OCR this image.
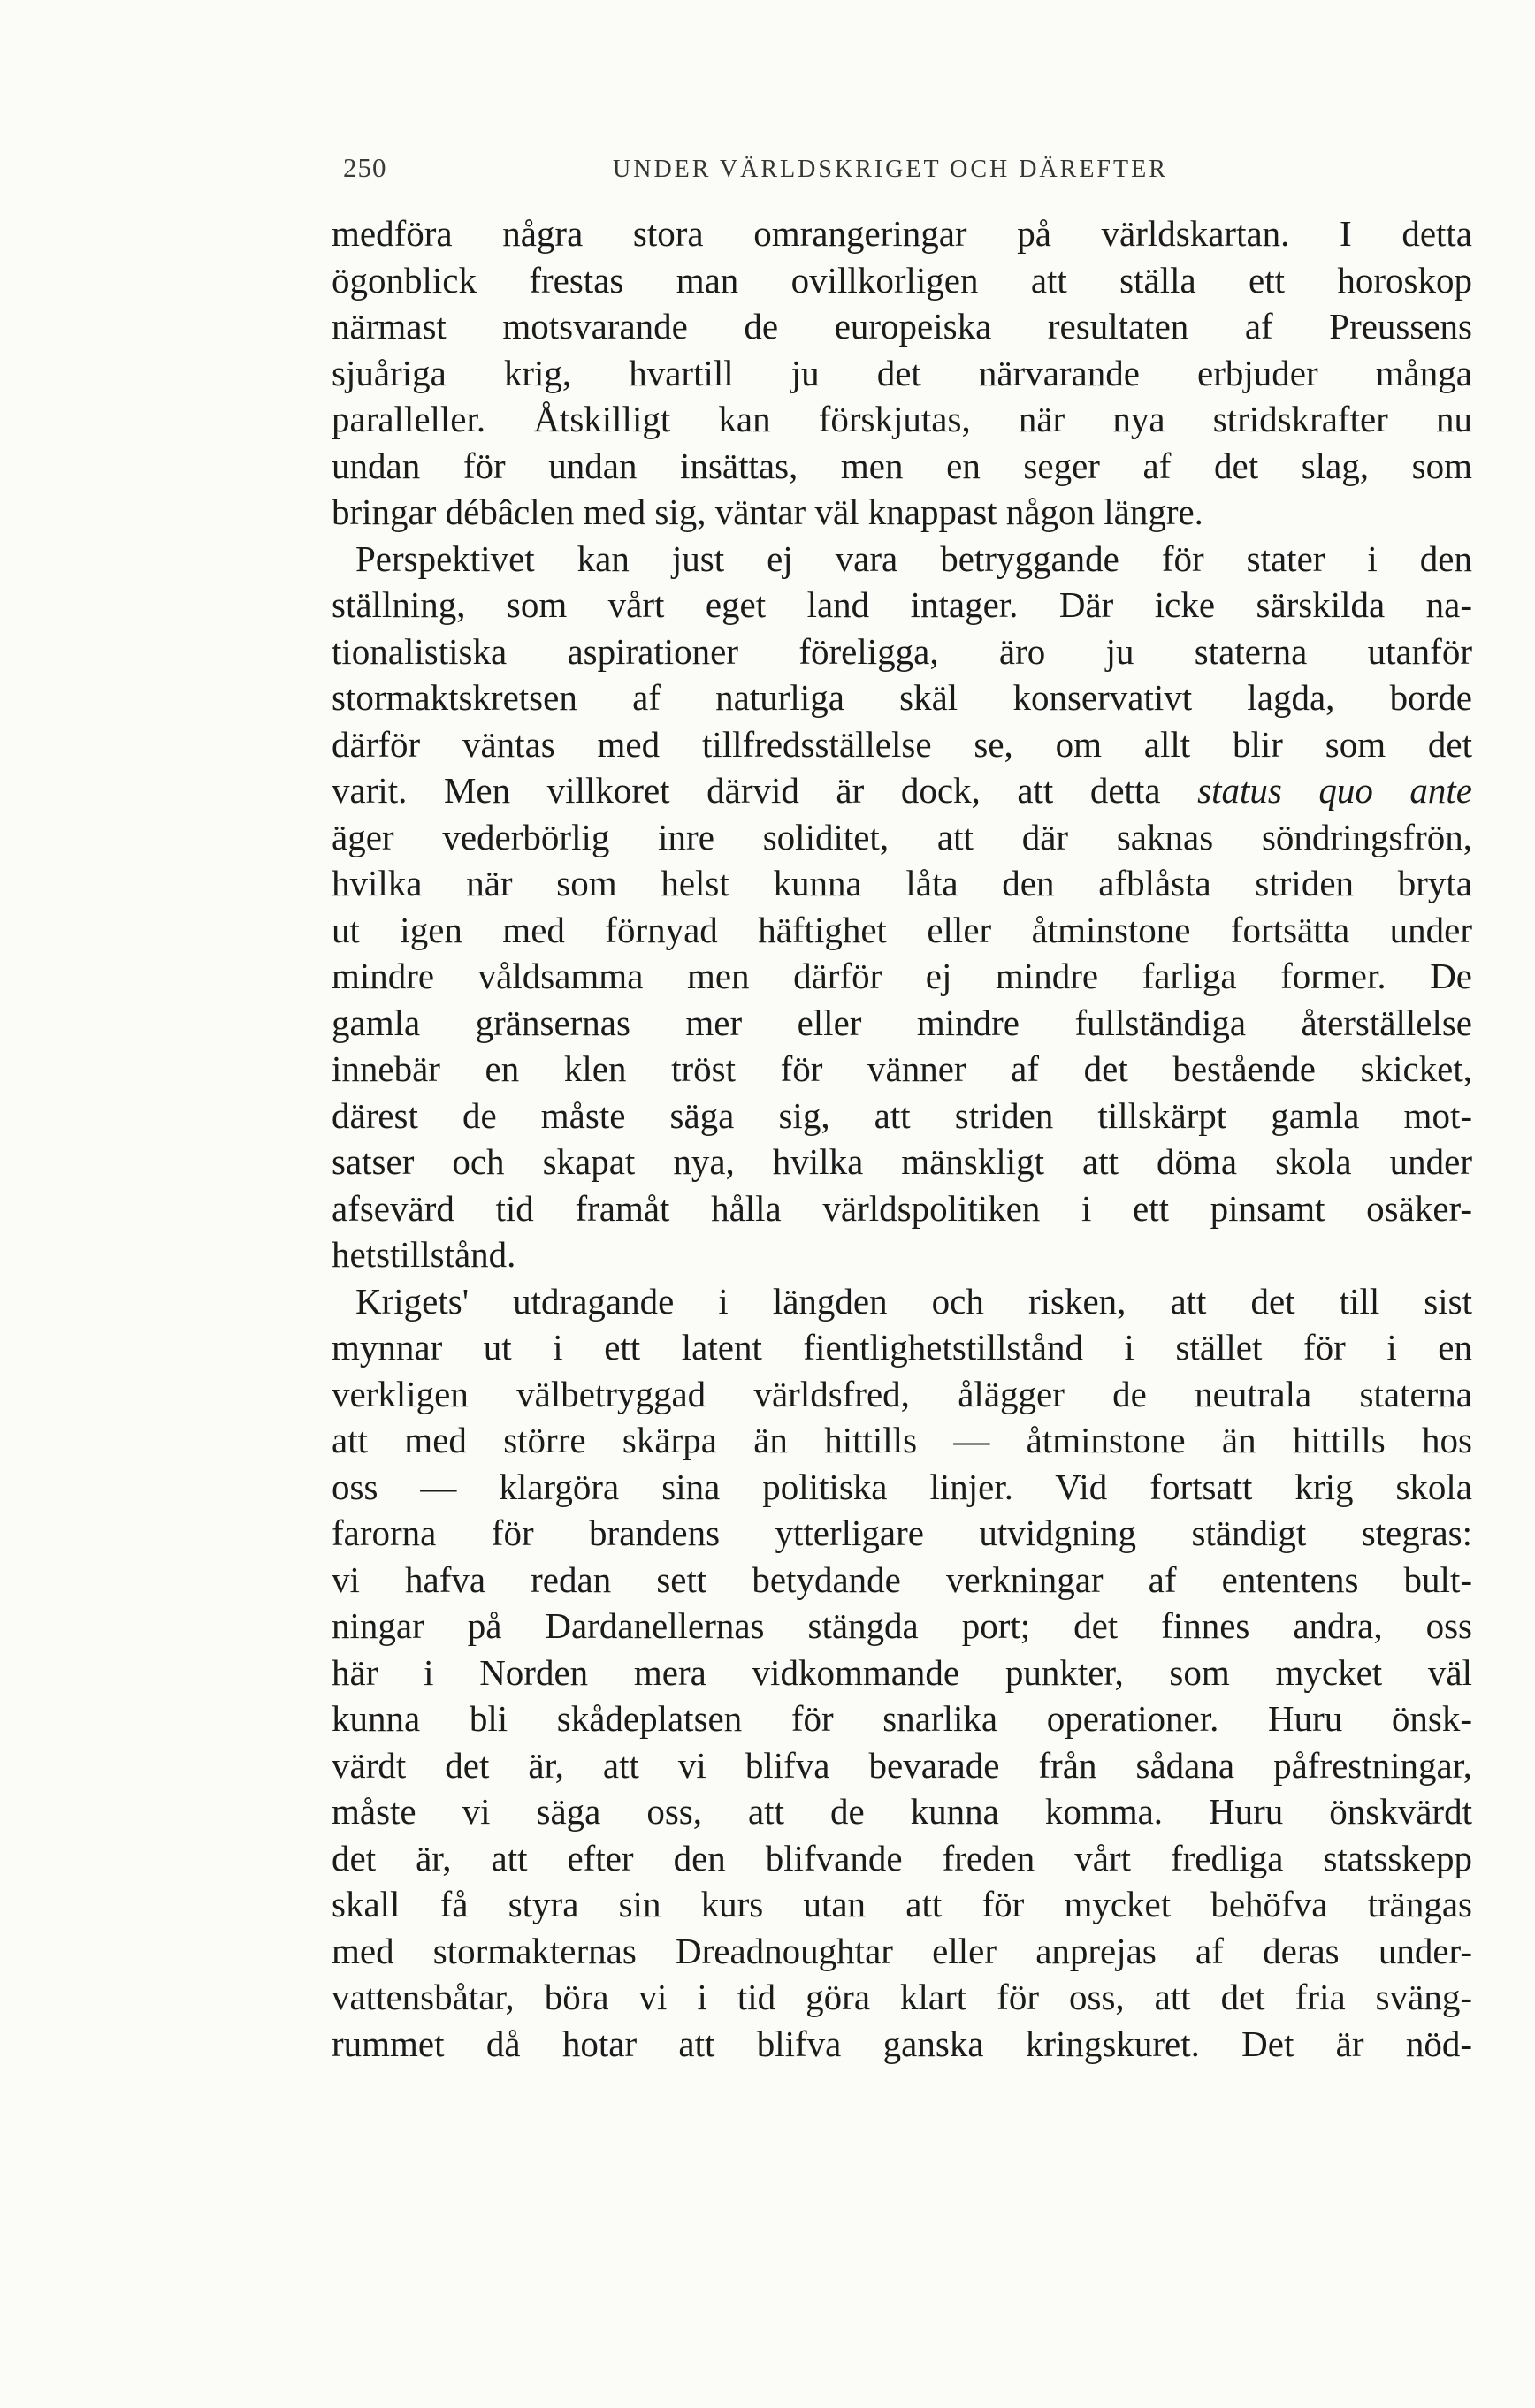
250	UNDER VÄRLDSKRIGET OCH DÄREFTER
medföra några stora omrangeringar på världskartan. I detta
ögonblick frestas man ovillkorligen att ställa ett horoskop
närmast motsvarande de europeiska resultaten af Preussens
sjuåriga krig, hvartill ju det närvarande erbjuder många
paralleller. Åtskilligt kan förskjutas, när nya stridskrafter nu
undan för undan insättas, men en seger af det slag, som
bringar débâclen med sig, väntar väl knappast någon längre.
Perspektivet kan just ej vara betryggande för stater i den
ställning, som vårt eget land intager. Där icke särskilda na-
tionalistiska aspirationer föreligga, äro ju staterna utanför
stormaktskretsen af naturliga skäl konservativt lagda, borde
därför väntas med tillfredsställelse se, om allt blir som det
varit. Men villkoret därvid är dock, att detta status quo ante
äger vederbörlig inre soliditet, att där saknas söndringsfrön,
hvilka när som helst kunna låta den afblåsta striden bryta
ut igen med förnyad häftighet eller åtminstone fortsätta under
mindre våldsamma men därför ej mindre farliga former. De
gamla gränsernas mer eller mindre fullständiga återställelse
innebär en klen tröst för vänner af det bestående skicket,
därest de måste säga sig, att striden tillskärpt gamla mot-
satser och skapat nya, hvilka mänskligt att döma skola under
afsevärd tid framåt hålla världspolitiken i ett pinsamt osäker-
hetstillstånd.
Krigets' utdragande i längden och risken, att det till sist
mynnar ut i ett latent fientlighetstillstånd i stället för i en
verkligen välbetryggad världsfred, ålägger de neutrala staterna
att med större skärpa än hittills — åtminstone än hittills hos
oss — klargöra sina politiska linjer. Vid fortsatt krig skola
farorna för brandens ytterligare utvidgning ständigt stegras:
vi hafva redan sett betydande verkningar af ententens bult-
ningar på Dardanellernas stängda port; det finnes andra, oss
här i Norden mera vidkommande punkter, som mycket väl
kunna bli skådeplatsen för snarlika operationer. Huru önsk-
värdt det är, att vi blifva bevarade från sådana påfrestningar,
måste vi säga oss, att de kunna komma. Huru önskvärdt
det är, att efter den blifvande freden vårt fredliga statsskepp
skall få styra sin kurs utan att för mycket behöfva trängas
med stormakternas Dreadnoughtar eller anprejas af deras under-
vattensbåtar, böra vi i tid göra klart för oss, att det fria sväng-
rummet då hotar att blifva ganska kringskuret. Det är nöd-
